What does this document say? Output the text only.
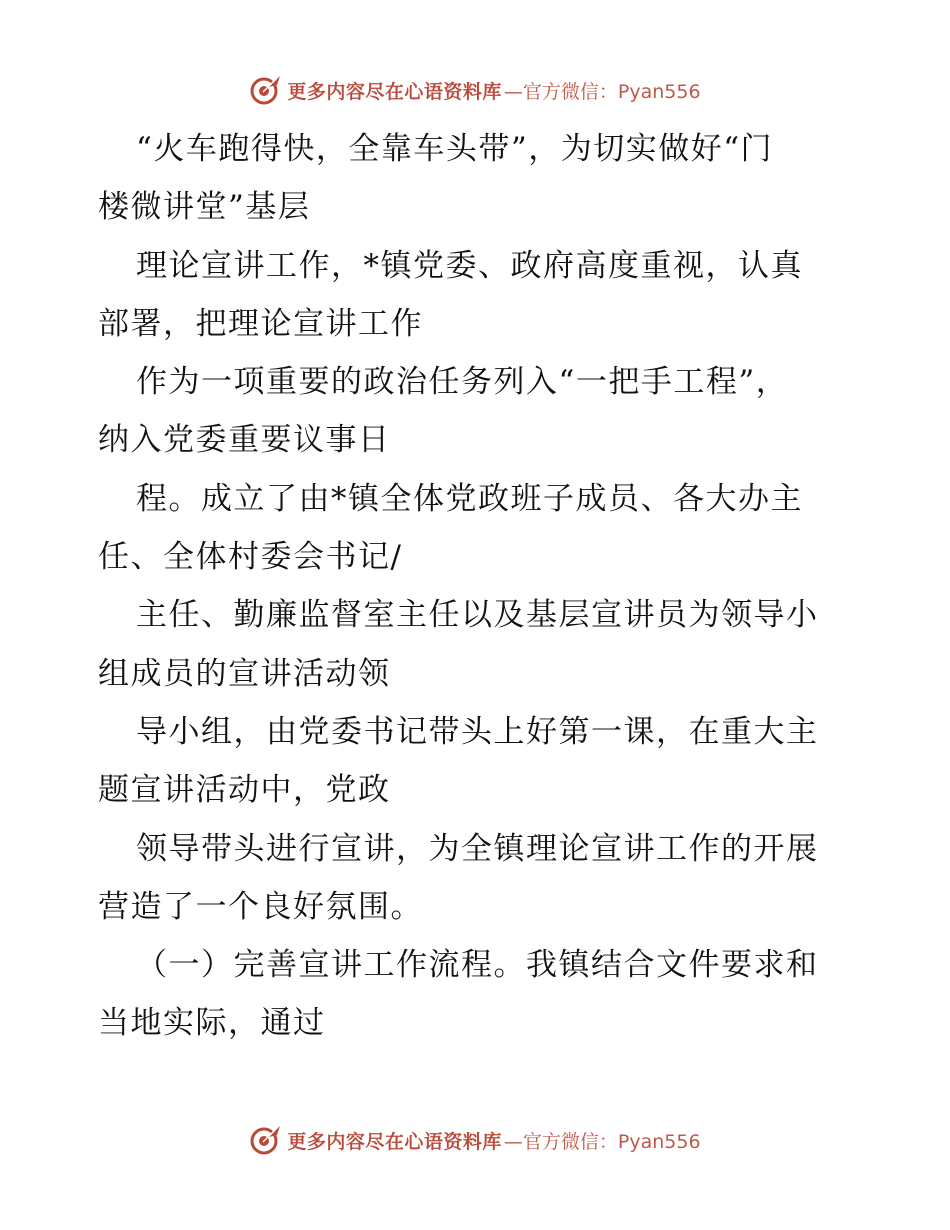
更多内容尽在心语资料库 —官方微信：Pyan556
“火车跑得快，全靠车头带”，为切实做好“门
楼微讲堂”基层
理论宣讲工作，*镇党委、政府高度重视，认真
部署，把理论宣讲工作
作为一项重要的政治任务列入“一把手工程”，
纳入党委重要议事日
程。成立了由*镇全体党政班子成员、各大办主
任、全体村委会书记/
主任、勤廉监督室主任以及基层宣讲员为领导小
组成员的宣讲活动领
导小组，由党委书记带头上好第一课，在重大主
题宣讲活动中，党政
领导带头进行宣讲，为全镇理论宣讲工作的开展
营造了一个良好氛围。
（一）完善宣讲工作流程。我镇结合文件要求和
当地实际，通过
更多内容尽在心语资料库 —官方微信：Pyan556
